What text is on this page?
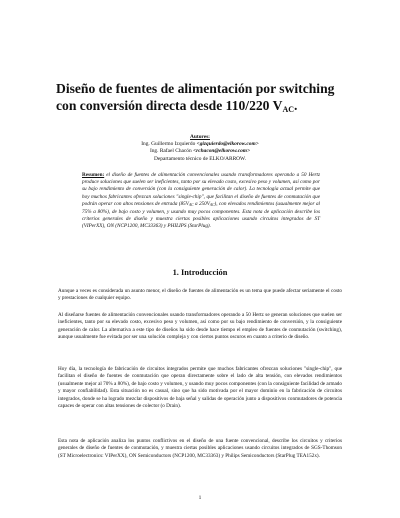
Diseño de fuentes de alimentación por switching con conversión directa desde 110/220 $V_{AC}$.
Autores:
Ing. Guillermo Izquierdo <gizquierdo@elkorow.com>
Ing. Rafael Chacón <rchacon@elkorow.com>
Departamento técnico de ELKO/ARROW.

Resumen: el diseño de fuentes de alimentación convencionales usando transformadores operando a 50 Hertz produce soluciones que suelen ser ineficientes, tanto por su elevado costo, excesivo peso y volumen, así como por su bajo rendimiento de conversión (con la consiguiente generación de calor). La tecnología actual permite que hoy muchos fabricantes ofrezcan soluciones "single-chip", que facilitan el diseño de fuentes de conmutación que podrán operar con altos tensiones de entrada ($85V_{AC}$ a $250V_{AC}$), con elevados rendimientos (usualmente mejor al 75% a 80%), de bajo costo y volumen, y usando muy pocos componentes. Esta nota de aplicación describe los criterios generales de diseño y muestra ciertas posibles aplicaciones usando circuitos integrados de ST (VIPerXX), ON (NCP1200, MC33363) y PHILIPS (StarPlug).

1. Introducción

Aunque a veces es considerada un asunto menor, el diseño de fuentes de alimentación es un tema que puede afectar seriamente el costo y prestaciones de cualquier equipo.

Al diseñarse fuentes de alimentación convencionales usando transformadores operando a 50 Hertz se generan soluciones que suelen ser ineficientes, tanto por su elevado costo, excesivo peso y volumen, así como por su bajo rendimiento de conversión, y la consiguiente generación de calor. La alternativa a este tipo de diseños ha sido desde hace tiempo el empleo de fuentes de conmutación (switching), aunque usualmente fue evitada por ser una solución compleja y con ciertos puntos oscuros en cuanto a criterio de diseño.

Hoy día, la tecnología de fabricación de circuitos integrados permite que muchos fabricantes ofrezcan soluciones "single-chip", que facilitan el diseño de fuentes de conmutación que operan directamente sobre el lado de alta tensión, con elevados rendimientos (usualmente mejor al 70% a 80%), de bajo costo y volumen, y usando muy pocos componentes (con la consiguiente facilidad de armado y mayor confiabilidad). Esta situación no es casual, sino que ha sido motivada por el mayor dominio en la fabricación de circuitos integrados, donde se ha logrado mezclar dispositivos de baja señal y salidas de operación junto a dispositivos conmutadores de potencia capaces de operar con altas tensiones de colector (o Drain).

Esta nota de aplicación analiza los puntos conflictivos en el diseño de una fuente convencional, describe los circuitos y criterios generales de diseño de fuentes de conmutación, y muestra ciertas posibles aplicaciones usando circuitos integrados de SGS-Thomson (ST Microelectronics: VIPerXX), ON Semiconductors (NCP1200, MC33363) y Philips Semiconductors (StarPlug TEA152x).

1
